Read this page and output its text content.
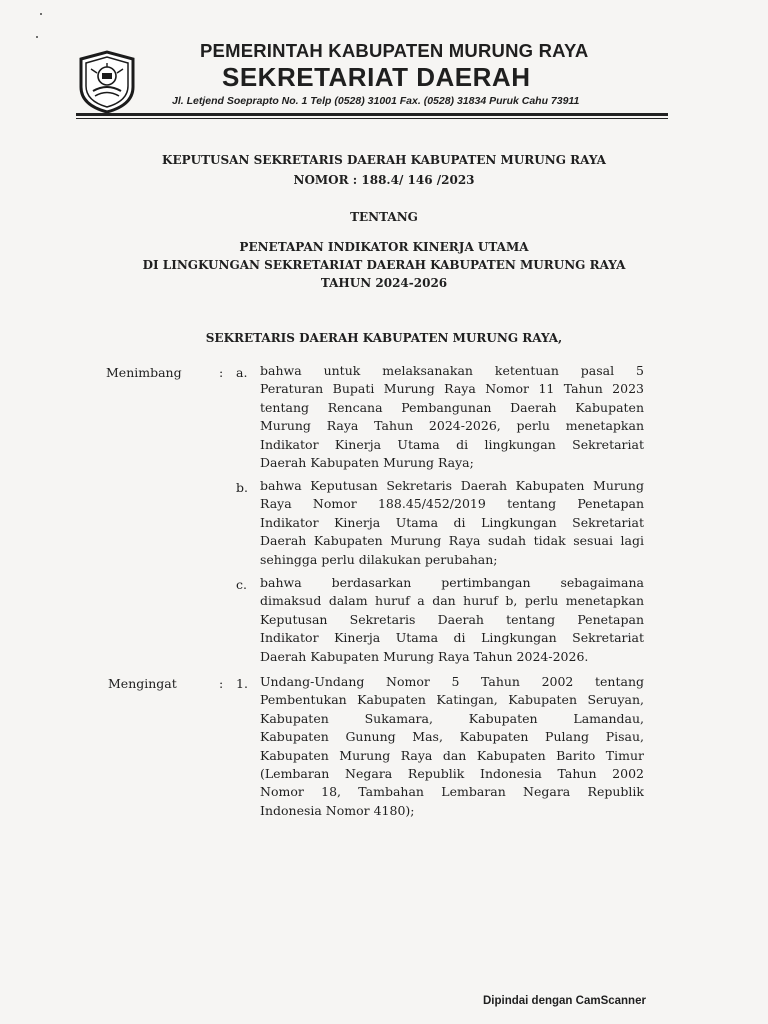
PEMERINTAH KABUPATEN MURUNG RAYA
SEKRETARIAT DAERAH
Jl. Letjend Soeprapto No. 1 Telp (0528) 31001 Fax. (0528) 31834 Puruk Cahu 73911
KEPUTUSAN SEKRETARIS DAERAH KABUPATEN MURUNG RAYA
NOMOR : 188.4/ 146 /2023
TENTANG
PENETAPAN INDIKATOR KINERJA UTAMA
DI LINGKUNGAN SEKRETARIAT DAERAH KABUPATEN MURUNG RAYA
TAHUN 2024-2026
SEKRETARIS DAERAH KABUPATEN MURUNG RAYA,
Menimbang	: a. bahwa untuk melaksanakan ketentuan pasal 5
Peraturan Bupati Murung Raya Nomor 11 Tahun 2023
tentang Rencana Pembangunan Daerah Kabupaten
Murung Raya Tahun 2024-2026, perlu menetapkan
Indikator Kinerja Utama di lingkungan Sekretariat
Daerah Kabupaten Murung Raya;
b. bahwa Keputusan Sekretaris Daerah Kabupaten Murung
Raya Nomor 188.45/452/2019 tentang Penetapan
Indikator Kinerja Utama di Lingkungan Sekretariat
Daerah Kabupaten Murung Raya sudah tidak sesuai lagi
sehingga perlu dilakukan perubahan;
c. bahwa berdasarkan pertimbangan sebagaimana
dimaksud dalam huruf a dan huruf b, perlu menetapkan
Keputusan Sekretaris Daerah tentang Penetapan
Indikator Kinerja Utama di Lingkungan Sekretariat
Daerah Kabupaten Murung Raya Tahun 2024-2026.
Mengingat	: 1. Undang-Undang Nomor 5 Tahun 2002 tentang
Pembentukan Kabupaten Katingan, Kabupaten Seruyan,
Kabupaten Sukamara, Kabupaten Lamandau,
Kabupaten Gunung Mas, Kabupaten Pulang Pisau,
Kabupaten Murung Raya dan Kabupaten Barito Timur
(Lembaran Negara Republik Indonesia Tahun 2002
Nomor 18, Tambahan Lembaran Negara Republik
Indonesia Nomor 4180);
Dipindai dengan CamScanner
